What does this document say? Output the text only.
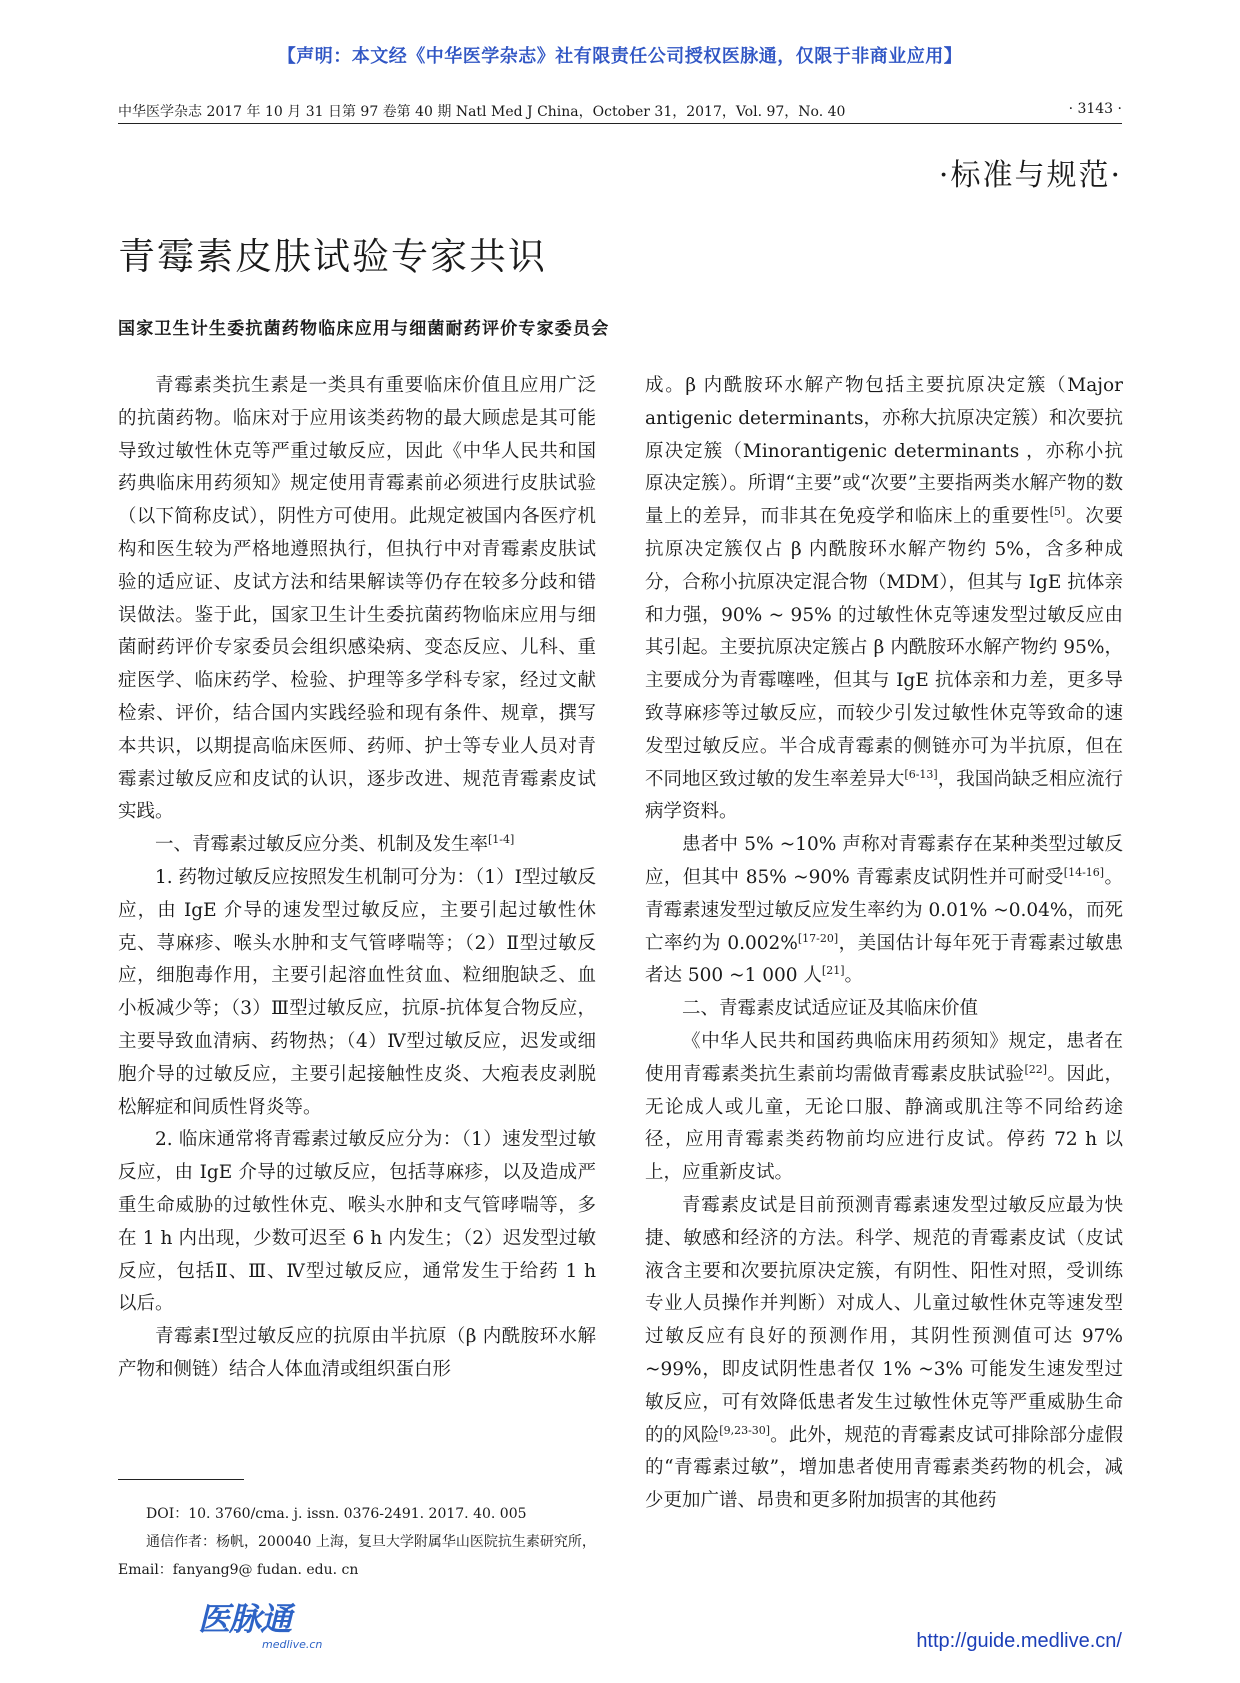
【声明：本文经《中华医学杂志》社有限责任公司授权医脉通，仅限于非商业应用】
中华医学杂志 2017 年 10 月 31 日第 97 卷第 40 期 Natl Med J China，October 31，2017，Vol. 97，No. 40	· 3143 ·
·标准与规范·
青霉素皮肤试验专家共识
国家卫生计生委抗菌药物临床应用与细菌耐药评价专家委员会

青霉素类抗生素是一类具有重要临床价值且应用广泛的抗菌药物。临床对于应用该类药物的最大顾虑是其可能导致过敏性休克等严重过敏反应，因此《中华人民共和国药典临床用药须知》规定使用青霉素前必须进行皮肤试验（以下简称皮试），阴性方可使用。此规定被国内各医疗机构和医生较为严格地遵照执行，但执行中对青霉素皮肤试验的适应证、皮试方法和结果解读等仍存在较多分歧和错误做法。鉴于此，国家卫生计生委抗菌药物临床应用与细菌耐药评价专家委员会组织感染病、变态反应、儿科、重症医学、临床药学、检验、护理等多学科专家，经过文献检索、评价，结合国内实践经验和现有条件、规章，撰写本共识，以期提高临床医师、药师、护士等专业人员对青霉素过敏反应和皮试的认识，逐步改进、规范青霉素皮试实践。

一、青霉素过敏反应分类、机制及发生率[1-4]

1. 药物过敏反应按照发生机制可分为：（1）Ⅰ型过敏反应，由 IgE 介导的速发型过敏反应，主要引起过敏性休克、荨麻疹、喉头水肿和支气管哮喘等；（2）Ⅱ型过敏反应，细胞毒作用，主要引起溶血性贫血、粒细胞缺乏、血小板减少等；（3）Ⅲ型过敏反应，抗原-抗体复合物反应，主要导致血清病、药物热；（4）Ⅳ型过敏反应，迟发或细胞介导的过敏反应，主要引起接触性皮炎、大疱表皮剥脱松解症和间质性肾炎等。

2. 临床通常将青霉素过敏反应分为：（1）速发型过敏反应，由 IgE 介导的过敏反应，包括荨麻疹，以及造成严重生命威胁的过敏性休克、喉头水肿和支气管哮喘等，多在 1 h 内出现，少数可迟至 6 h 内发生；（2）迟发型过敏反应，包括Ⅱ、Ⅲ、Ⅳ型过敏反应，通常发生于给药 1 h 以后。

青霉素Ⅰ型过敏反应的抗原由半抗原（β 内酰胺环水解产物和侧链）结合人体血清或组织蛋白形

成。β 内酰胺环水解产物包括主要抗原决定簇（Major antigenic determinants，亦称大抗原决定簇）和次要抗原决定簇（Minorantigenic determinants ，亦称小抗原决定簇）。所谓“主要”或“次要”主要指两类水解产物的数量上的差异，而非其在免疫学和临床上的重要性[5]。次要抗原决定簇仅占 β 内酰胺环水解产物约 5%，含多种成分，合称小抗原决定混合物（MDM），但其与 IgE 抗体亲和力强，90% ~ 95% 的过敏性休克等速发型过敏反应由其引起。主要抗原决定簇占 β 内酰胺环水解产物约 95%，主要成分为青霉噻唑，但其与 IgE 抗体亲和力差，更多导致荨麻疹等过敏反应，而较少引发过敏性休克等致命的速发型过敏反应。半合成青霉素的侧链亦可为半抗原，但在不同地区致过敏的发生率差异大[6-13]，我国尚缺乏相应流行病学资料。

患者中 5% ~10% 声称对青霉素存在某种类型过敏反应，但其中 85% ~90% 青霉素皮试阴性并可耐受[14-16]。青霉素速发型过敏反应发生率约为 0.01% ~0.04%，而死亡率约为 0.002%[17-20]，美国估计每年死于青霉素过敏患者达 500 ~1 000 人[21]。

二、青霉素皮试适应证及其临床价值

《中华人民共和国药典临床用药须知》规定，患者在使用青霉素类抗生素前均需做青霉素皮肤试验[22]。因此，无论成人或儿童，无论口服、静滴或肌注等不同给药途径，应用青霉素类药物前均应进行皮试。停药 72 h 以上，应重新皮试。

青霉素皮试是目前预测青霉素速发型过敏反应最为快捷、敏感和经济的方法。科学、规范的青霉素皮试（皮试液含主要和次要抗原决定簇，有阴性、阳性对照，受训练专业人员操作并判断）对成人、儿童过敏性休克等速发型过敏反应有良好的预测作用，其阴性预测值可达 97% ~99%，即皮试阴性患者仅 1% ~3% 可能发生速发型过敏反应，可有效降低患者发生过敏性休克等严重威胁生命的的风险[9,23-30]。此外，规范的青霉素皮试可排除部分虚假的“青霉素过敏”，增加患者使用青霉素类药物的机会，减少更加广谱、昂贵和更多附加损害的其他药

DOI：10. 3760/cma. j. issn. 0376-2491. 2017. 40. 005

通信作者：杨帆，200040 上海，复旦大学附属华山医院抗生素研究所，Email：fanyang9@ fudan. edu. cn

医脉通
medlive.cn	http://guide.medlive.cn/
